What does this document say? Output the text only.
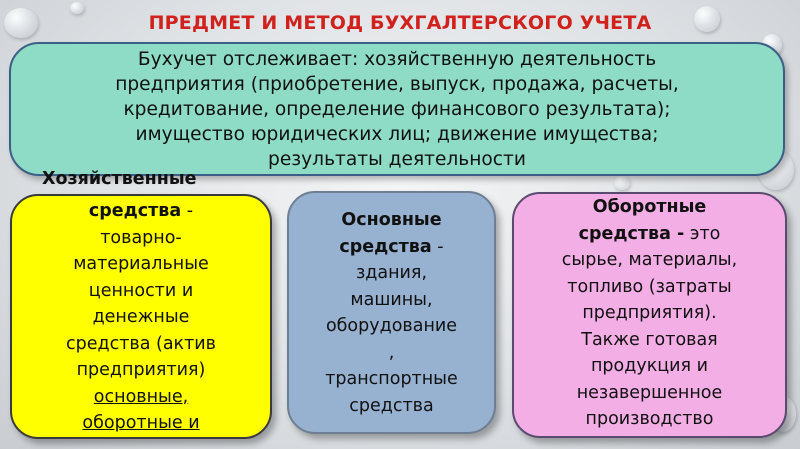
ПРЕДМЕТ И МЕТОД БУХГАЛТЕРСКОГО УЧЕТА
Бухучет отслеживает: хозяйственную деятельность
предприятия (приобретение, выпуск, продажа, расчеты,
кредитование, определение финансового результата);
имущество юридических лиц; движение имущества;
результаты деятельности
средства -
товарно-
материальные
ценности и
денежные
средства (актив
предприятия)
основные,
оборотные и
Хозяйственные
Основные
средства -
здания,
машины,
оборудование
,
транспортные
средства
Оборотные
средства - это
сырье, материалы,
топливо (затраты
предприятия).
Также готовая
продукция и
незавершенное
производство
